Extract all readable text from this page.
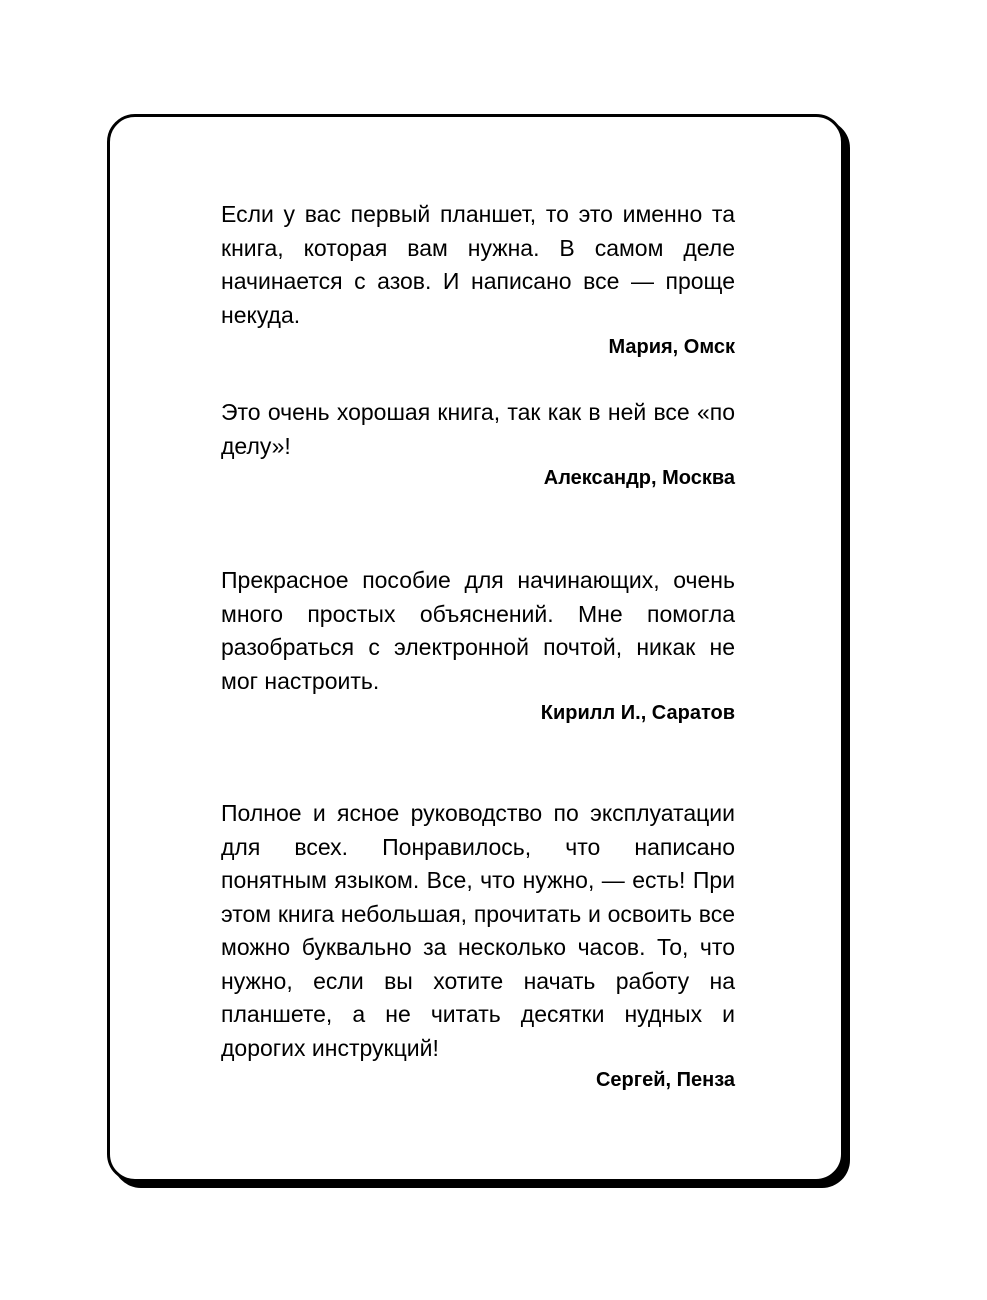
Если у вас первый планшет, то это именно та книга, которая вам нужна. В самом деле начинается с азов. И написано все — проще некуда.

Мария, Омск

Это очень хорошая книга, так как в ней все «по делу»!

Александр, Москва

Прекрасное пособие для начинающих, очень много простых объяснений. Мне помогла разобраться с электронной почтой, никак не мог настроить.

Кирилл И., Саратов

Полное и ясное руководство по эксплуатации для всех. Понравилось, что написано понятным языком. Все, что нужно, — есть! При этом книга небольшая, прочитать и освоить все можно буквально за несколько часов. То, что нужно, если вы хотите начать работу на планшете, а не читать десятки нудных и дорогих инструкций!

Сергей, Пенза
